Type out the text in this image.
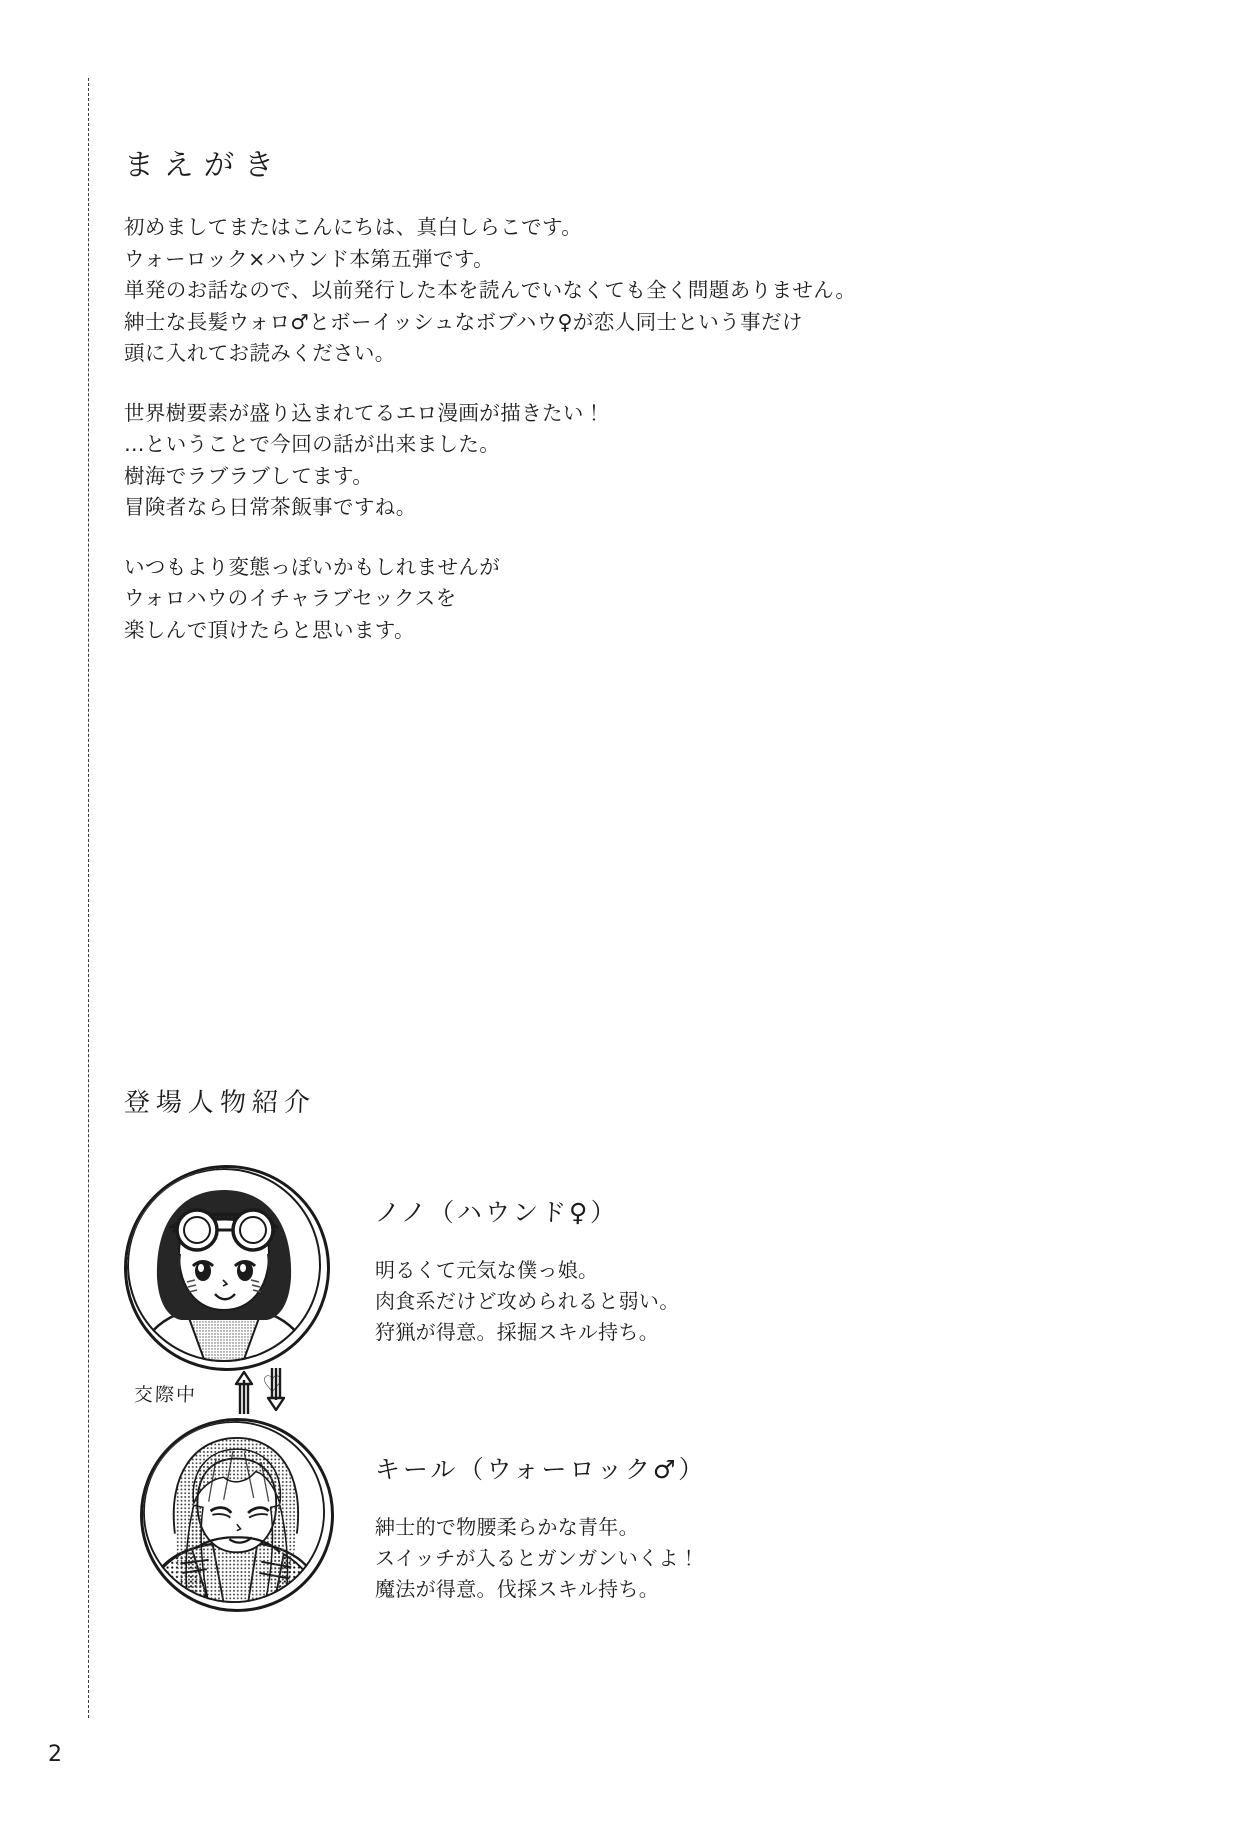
まえがき
初めましてまたはこんにちは、真白しらこです。
ウォーロック×ハウンド本第五弾です。
単発のお話なので、以前発行した本を読んでいなくても全く問題ありません。
紳士な長髪ウォロ♂とボーイッシュなボブハウ♀が恋人同士という事だけ
頭に入れてお読みください。
世界樹要素が盛り込まれてるエロ漫画が描きたい！
…ということで今回の話が出来ました。
樹海でラブラブしてます。
冒険者なら日常茶飯事ですね。
いつもより変態っぽいかもしれませんが
ウォロハウのイチャラブセックスを
楽しんで頂けたらと思います。
登場人物紹介
ノノ（ハウンド♀）
明るくて元気な僕っ娘。
肉食系だけど攻められると弱い。
狩猟が得意。採掘スキル持ち。
交際中	♡
キール（ウォーロック♂）
紳士的で物腰柔らかな青年。
スイッチが入るとガンガンいくよ！
魔法が得意。伐採スキル持ち。
2
